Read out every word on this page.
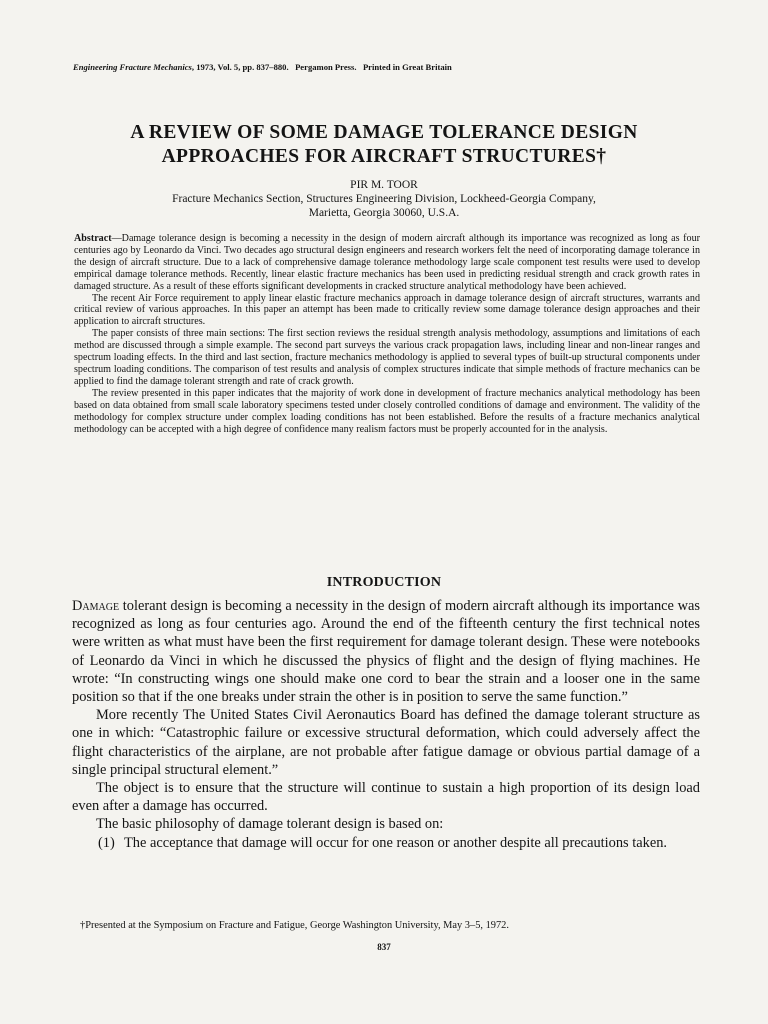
Engineering Fracture Mechanics, 1973, Vol. 5, pp. 837–880. Pergamon Press. Printed in Great Britain
A REVIEW OF SOME DAMAGE TOLERANCE DESIGN
APPROACHES FOR AIRCRAFT STRUCTURES†
PIR M. TOOR
Fracture Mechanics Section, Structures Engineering Division, Lockheed-Georgia Company,
Marietta, Georgia 30060, U.S.A.

Abstract—Damage tolerance design is becoming a necessity in the design of modern aircraft although its importance was recognized as long as four centuries ago by Leonardo da Vinci. Two decades ago structural design engineers and research workers felt the need of incorporating damage tolerance in the design of aircraft structure. Due to a lack of comprehensive damage tolerance methodology large scale component test results were used to develop empirical damage tolerance methods. Recently, linear elastic fracture mechanics has been used in predicting residual strength and crack growth rates in damaged structure. As a result of these efforts significant developments in cracked structure analytical methodology have been achieved.

The recent Air Force requirement to apply linear elastic fracture mechanics approach in damage tolerance design of aircraft structures, warrants and critical review of various approaches. In this paper an attempt has been made to critically review some damage tolerance design approaches and their application to aircraft structures.

The paper consists of three main sections: The first section reviews the residual strength analysis methodology, assumptions and limitations of each method are discussed through a simple example. The second part surveys the various crack propagation laws, including linear and non-linear ranges and spectrum loading effects. In the third and last section, fracture mechanics methodology is applied to several types of built-up structural components under spectrum loading conditions. The comparison of test results and analysis of complex structures indicate that simple methods of fracture mechanics can be applied to find the damage tolerant strength and rate of crack growth.

The review presented in this paper indicates that the majority of work done in development of fracture mechanics analytical methodology has been based on data obtained from small scale laboratory specimens tested under closely controlled conditions of damage and environment. The validity of the methodology for complex structure under complex loading conditions has not been established. Before the results of a fracture mechanics analytical methodology can be accepted with a high degree of confidence many realism factors must be properly accounted for in the analysis.

INTRODUCTION

Damage tolerant design is becoming a necessity in the design of modern aircraft although its importance was recognized as long as four centuries ago. Around the end of the fifteenth century the first technical notes were written as what must have been the first requirement for damage tolerant design. These were notebooks of Leonardo da Vinci in which he discussed the physics of flight and the design of flying machines. He wrote: “In constructing wings one should make one cord to bear the strain and a looser one in the same position so that if the one breaks under strain the other is in position to serve the same function.”

More recently The United States Civil Aeronautics Board has defined the damage tolerant structure as one in which: “Catastrophic failure or excessive structural deformation, which could adversely affect the flight characteristics of the airplane, are not probable after fatigue damage or obvious partial damage of a single principal structural element.”

The object is to ensure that the structure will continue to sustain a high proportion of its design load even after a damage has occurred.

The basic philosophy of damage tolerant design is based on:

(1) The acceptance that damage will occur for one reason or another despite all precautions taken.
†Presented at the Symposium on Fracture and Fatigue, George Washington University, May 3–5, 1972.
837
